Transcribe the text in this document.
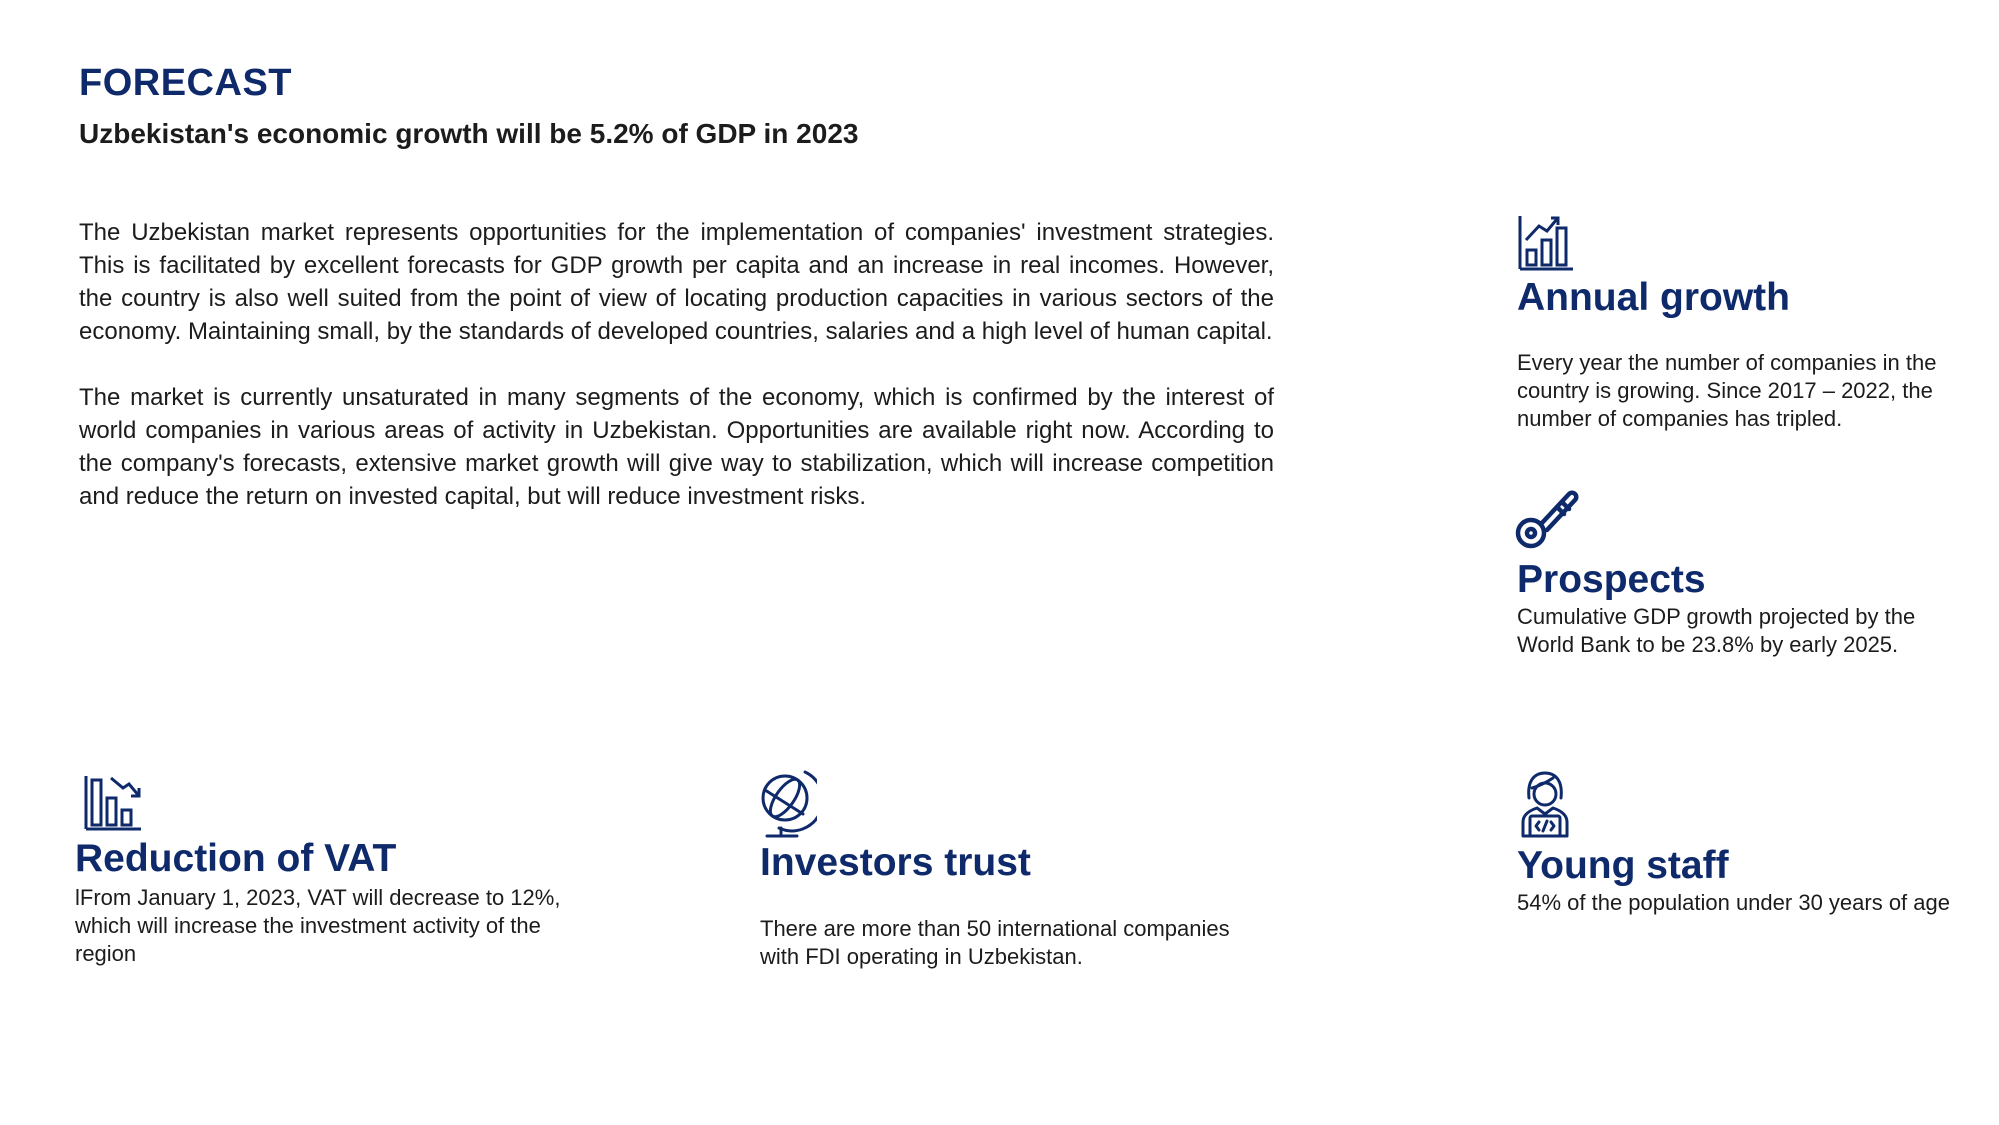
FORECAST
Uzbekistan's economic growth will be 5.2% of GDP in 2023

The Uzbekistan market represents opportunities for the implementation of companies' investment strategies. This is facilitated by excellent forecasts for GDP growth per capita and an increase in real incomes. However, the country is also well suited from the point of view of locating production capacities in various sectors of the economy. Maintaining small, by the standards of developed countries, salaries and a high level of human capital.

The market is currently unsaturated in many segments of the economy, which is confirmed by the interest of world companies in various areas of activity in Uzbekistan. Opportunities are available right now. According to the company's forecasts, extensive market growth will give way to stabilization, which will increase competition and reduce the return on invested capital, but will reduce investment risks.

Annual growth
Every year the number of companies in the country is growing. Since 2017 – 2022, the number of companies has tripled.
Prospects
Cumulative GDP growth projected by the World Bank to be 23.8% by early 2025.
Reduction of VAT
lFrom January 1, 2023, VAT will decrease to 12%, which will increase the investment activity of the region
Investors trust
There are more than 50 international companies with FDI operating in Uzbekistan.
Young staff
54% of the population under 30 years of age
